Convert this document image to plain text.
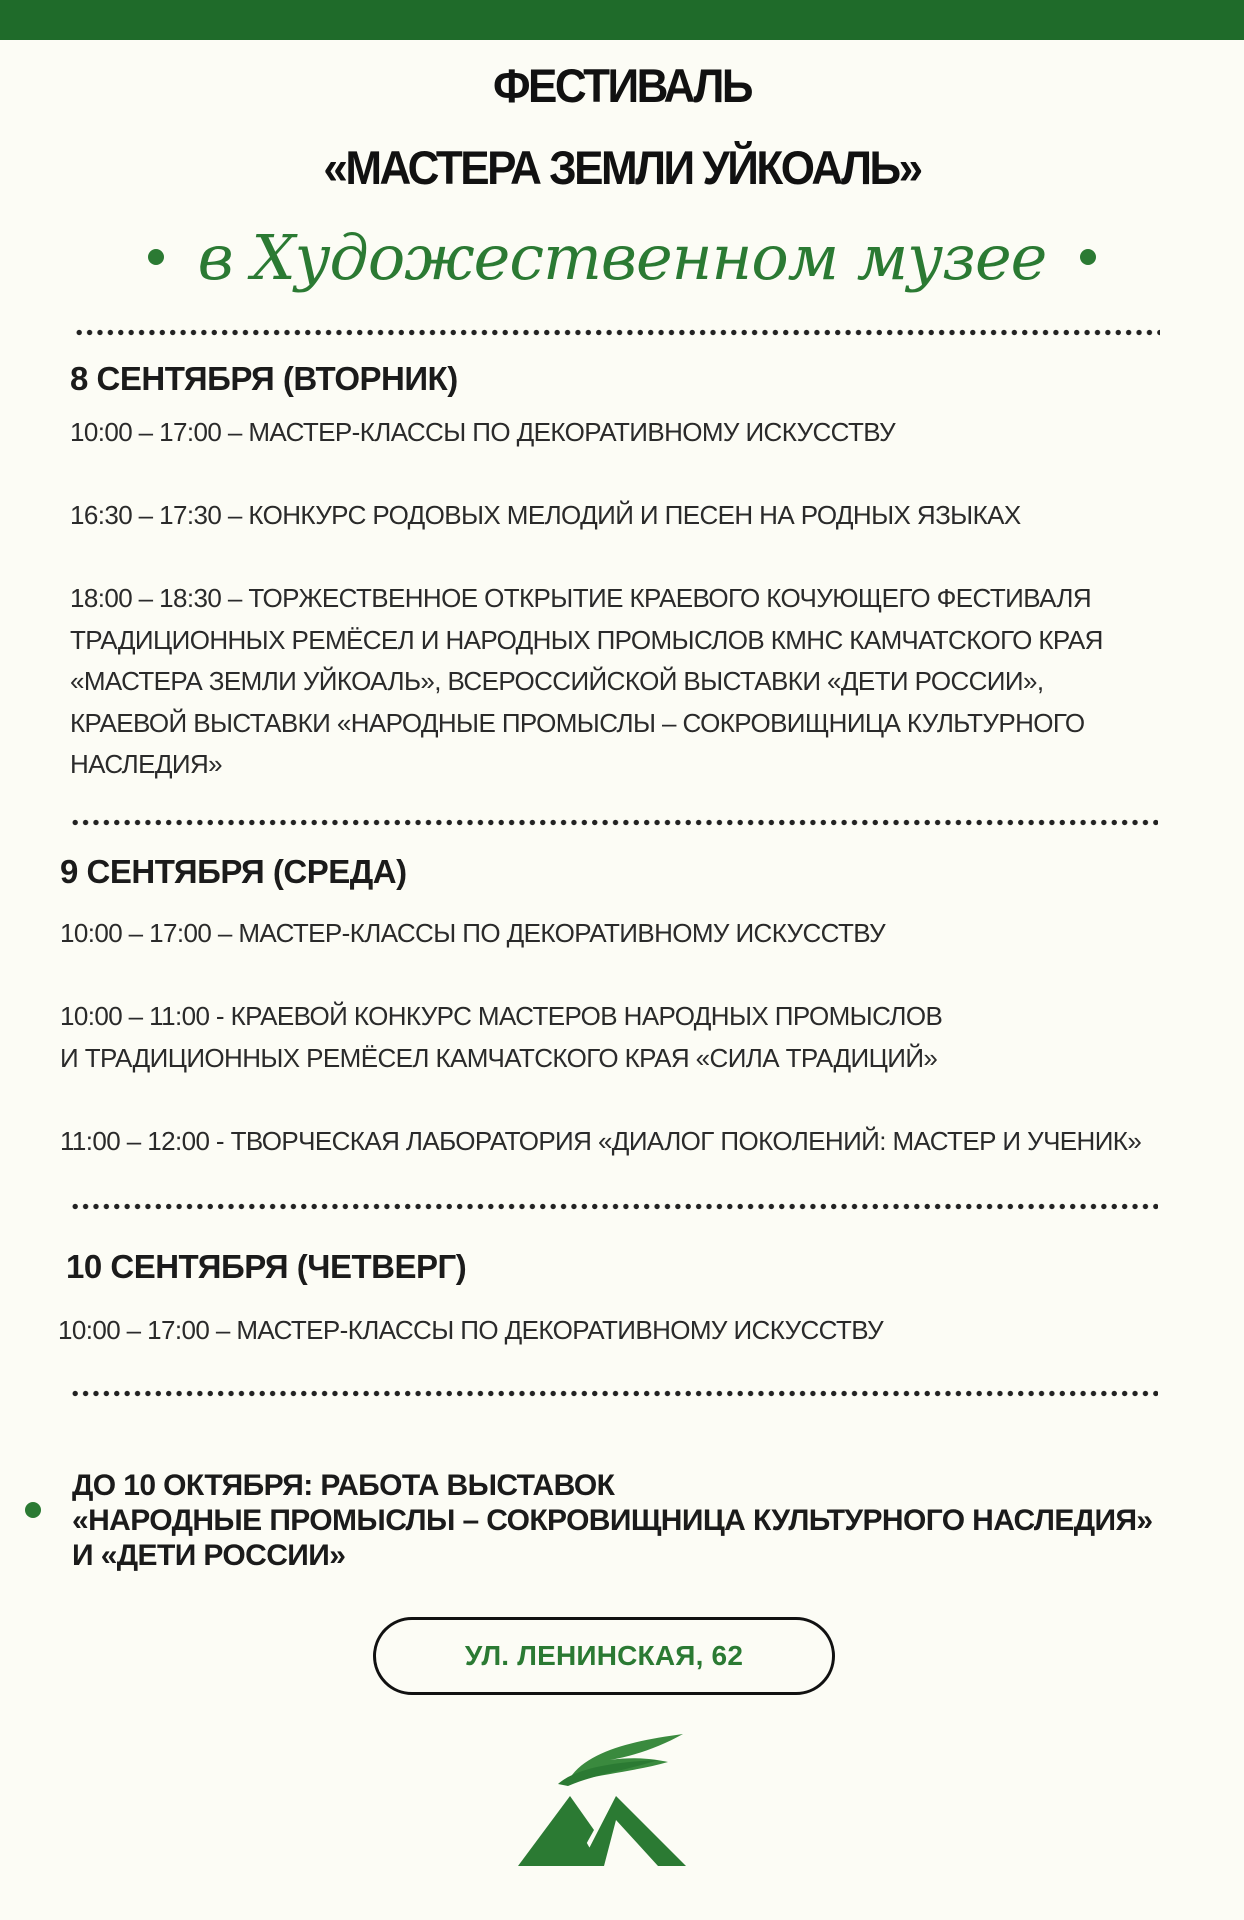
ФЕСТИВАЛЬ
«МАСТЕРА ЗЕМЛИ УЙКОАЛЬ»
в Художественном музее
8 СЕНТЯБРЯ (ВТОРНИК)
10:00 – 17:00 – МАСТЕР-КЛАССЫ ПО ДЕКОРАТИВНОМУ ИСКУССТВУ
16:30 – 17:30 – КОНКУРС РОДОВЫХ МЕЛОДИЙ И ПЕСЕН НА РОДНЫХ ЯЗЫКАХ
18:00 – 18:30 – ТОРЖЕСТВЕННОЕ ОТКРЫТИЕ КРАЕВОГО КОЧУЮЩЕГО ФЕСТИВАЛЯ
ТРАДИЦИОННЫХ РЕМЁСЕЛ И НАРОДНЫХ ПРОМЫСЛОВ КМНС КАМЧАТСКОГО КРАЯ
«МАСТЕРА ЗЕМЛИ УЙКОАЛЬ», ВСЕРОССИЙСКОЙ ВЫСТАВКИ «ДЕТИ РОССИИ»,
КРАЕВОЙ ВЫСТАВКИ «НАРОДНЫЕ ПРОМЫСЛЫ – СОКРОВИЩНИЦА КУЛЬТУРНОГО
НАСЛЕДИЯ»
9 СЕНТЯБРЯ (СРЕДА)
10:00 – 17:00 – МАСТЕР-КЛАССЫ ПО ДЕКОРАТИВНОМУ ИСКУССТВУ
10:00 – 11:00 - КРАЕВОЙ КОНКУРС МАСТЕРОВ НАРОДНЫХ ПРОМЫСЛОВ
И ТРАДИЦИОННЫХ РЕМЁСЕЛ КАМЧАТСКОГО КРАЯ «СИЛА ТРАДИЦИЙ»
11:00 – 12:00 - ТВОРЧЕСКАЯ ЛАБОРАТОРИЯ «ДИАЛОГ ПОКОЛЕНИЙ: МАСТЕР И УЧЕНИК»
10 СЕНТЯБРЯ (ЧЕТВЕРГ)
10:00 – 17:00 – МАСТЕР-КЛАССЫ ПО ДЕКОРАТИВНОМУ ИСКУССТВУ
ДО 10 ОКТЯБРЯ: РАБОТА ВЫСТАВОК
«НАРОДНЫЕ ПРОМЫСЛЫ – СОКРОВИЩНИЦА КУЛЬТУРНОГО НАСЛЕДИЯ»
И «ДЕТИ РОССИИ»
УЛ. ЛЕНИНСКАЯ, 62
